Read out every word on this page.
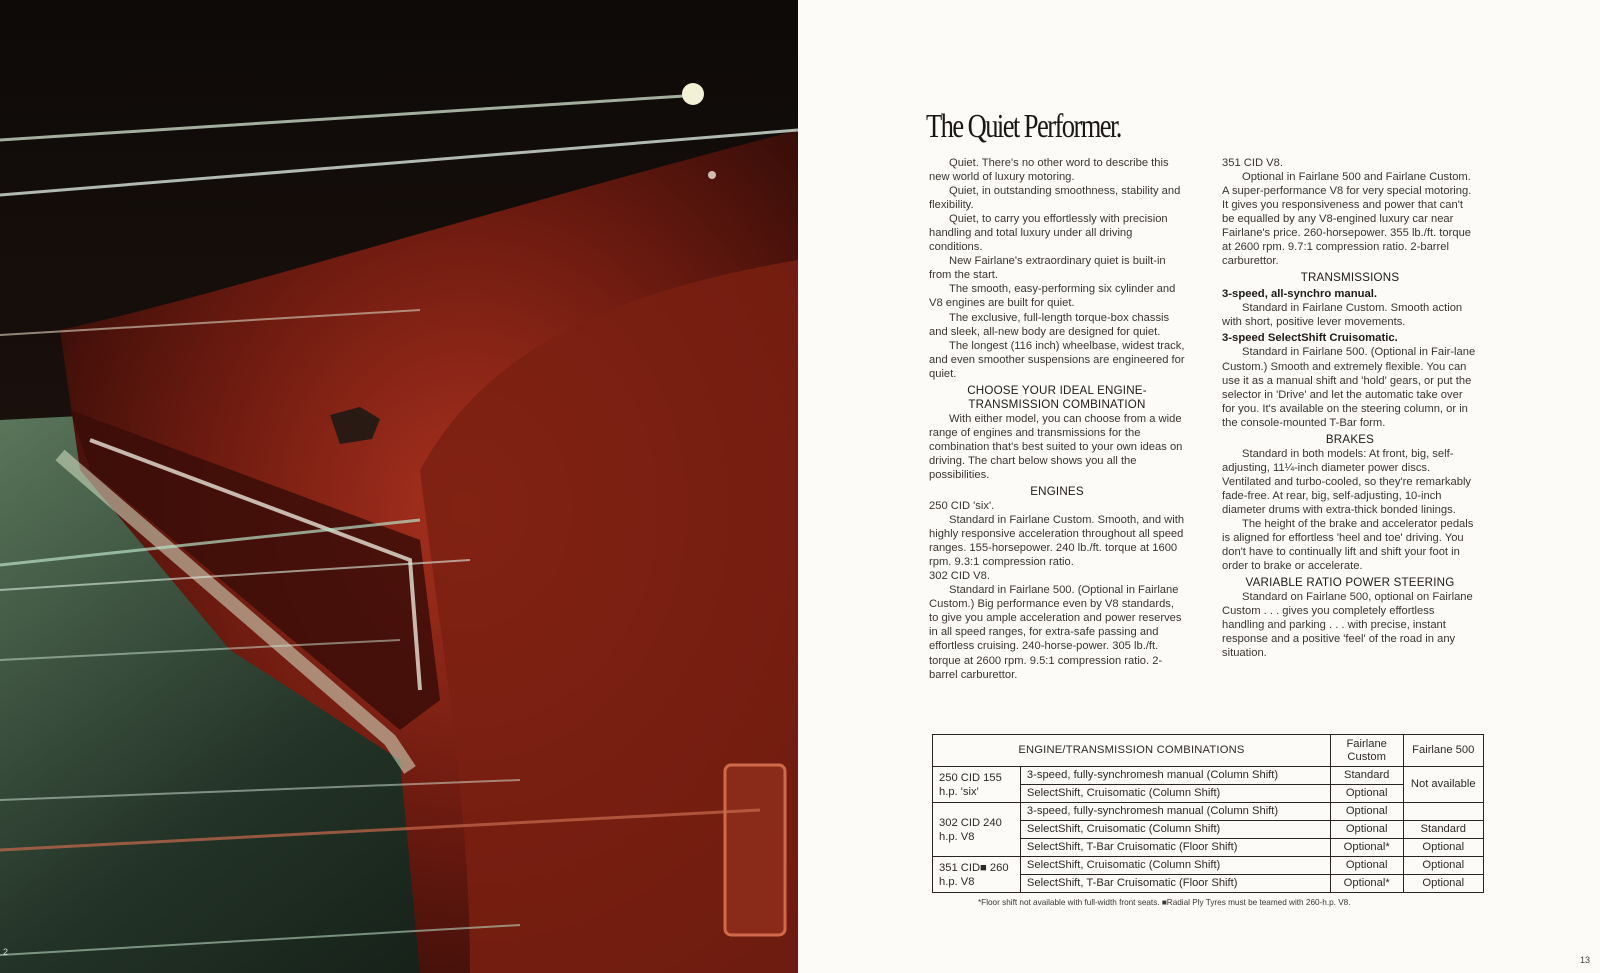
2
The Quiet Performer.

Quiet. There's no other word to describe this new world of luxury motoring.

Quiet, in outstanding smoothness, stability and flexibility.

Quiet, to carry you effortlessly with precision handling and total luxury under all driving conditions.

New Fairlane's extraordinary quiet is built-in from the start.

The smooth, easy-performing six cylinder and V8 engines are built for quiet.

The exclusive, full-length torque-box chassis and sleek, all-new body are designed for quiet.

The longest (116 inch) wheelbase, widest track, and even smoother suspensions are engineered for quiet.

CHOOSE YOUR IDEAL ENGINE-TRANSMISSION COMBINATION

With either model, you can choose from a wide range of engines and transmissions for the combination that's best suited to your own ideas on driving. The chart below shows you all the possibilities.

ENGINES

250 CID 'six'.

Standard in Fairlane Custom. Smooth, and with highly responsive acceleration throughout all speed ranges. 155-horsepower. 240 lb./ft. torque at 1600 rpm. 9.3:1 compression ratio.

302 CID V8.

Standard in Fairlane 500. (Optional in Fairlane Custom.) Big performance even by V8 standards, to give you ample acceleration and power reserves in all speed ranges, for extra-safe passing and effortless cruising. 240-horse-power. 305 lb./ft. torque at 2600 rpm. 9.5:1 compression ratio. 2-barrel carburettor.

351 CID V8.

Optional in Fairlane 500 and Fairlane Custom. A super-performance V8 for very special motoring. It gives you responsiveness and power that can't be equalled by any V8-engined luxury car near Fairlane's price. 260-horsepower. 355 lb./ft. torque at 2600 rpm. 9.7:1 compression ratio. 2-barrel carburettor.

TRANSMISSIONS
3-speed, all-synchro manual.

Standard in Fairlane Custom. Smooth action with short, positive lever movements.

3-speed SelectShift Cruisomatic.

Standard in Fairlane 500. (Optional in Fair-lane Custom.) Smooth and extremely flexible. You can use it as a manual shift and 'hold' gears, or put the selector in 'Drive' and let the automatic take over for you. It's available on the steering column, or in the console-mounted T-Bar form.

BRAKES

Standard in both models: At front, big, self-adjusting, 11¼-inch diameter power discs. Ventilated and turbo-cooled, so they're remarkably fade-free. At rear, big, self-adjusting, 10-inch diameter drums with extra-thick bonded linings.

The height of the brake and accelerator pedals is aligned for effortless 'heel and toe' driving. You don't have to continually lift and shift your foot in order to brake or accelerate.

VARIABLE RATIO POWER STEERING

Standard on Fairlane 500, optional on Fairlane Custom . . . gives you completely effortless handling and parking . . . with precise, instant response and a positive 'feel' of the road in any situation.

ENGINE/TRANSMISSION COMBINATIONS		Fairlane Custom	Fairlane 500
250 CID 155 h.p. 'six'	3-speed, fully-synchromesh manual (Column Shift)	Standard	Not available
	SelectShift, Cruisomatic (Column Shift)	Optional	
302 CID 240 h.p. V8	3-speed, fully-synchromesh manual (Column Shift)	Optional	
	SelectShift, Cruisomatic (Column Shift)	Optional	Standard
	SelectShift, T-Bar Cruisomatic (Floor Shift)	Optional*	Optional
351 CID■ 260 h.p. V8	SelectShift, Cruisomatic (Column Shift)	Optional	Optional
	SelectShift, T-Bar Cruisomatic (Floor Shift)	Optional*	Optional
*Floor shift not available with full-width front seats. ■Radial Ply Tyres must be teamed with 260-h.p. V8.
13
